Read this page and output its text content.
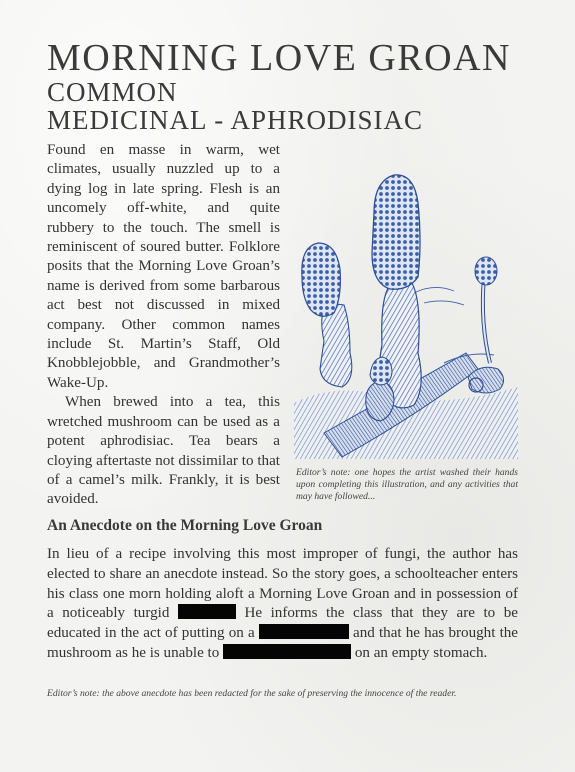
MORNING LOVE GROAN
COMMON
MEDICINAL - APHRODISIAC

Found en masse in warm, wet climates, usually nuzzled up to a dying log in late spring. Flesh is an uncomely off-white, and quite rubbery to the touch. The smell is reminiscent of soured butter. Folklore posits that the Morning Love Groan’s name is derived from some barbarous act best not discussed in mixed company. Other common names include St. Martin’s Staff, Old Knobblejobble, and Grandmother’s Wake-Up.

When brewed into a tea, this wretched mushroom can be used as a potent aphrodisiac. Tea bears a cloying aftertaste not dissimilar to that of a camel’s milk. Frankly, it is best avoided.

Editor’s note: one hopes the artist washed their hands upon completing this illustration, and any activities that may have followed...
An Anecdote on the Morning Love Groan

In lieu of a recipe involving this most improper of fungi, the author has elected to share an anecdote instead. So the story goes, a schoolteacher enters his class one morn holding aloft a Morning Love Groan and in possession of a noticeably turgid	He informs the class that they are to be educated in the act of putting on a	and that he has brought the mushroom as he is unable to	on an empty stomach.

Editor’s note: the above anecdote has been redacted for the sake of preserving the innocence of the reader.
